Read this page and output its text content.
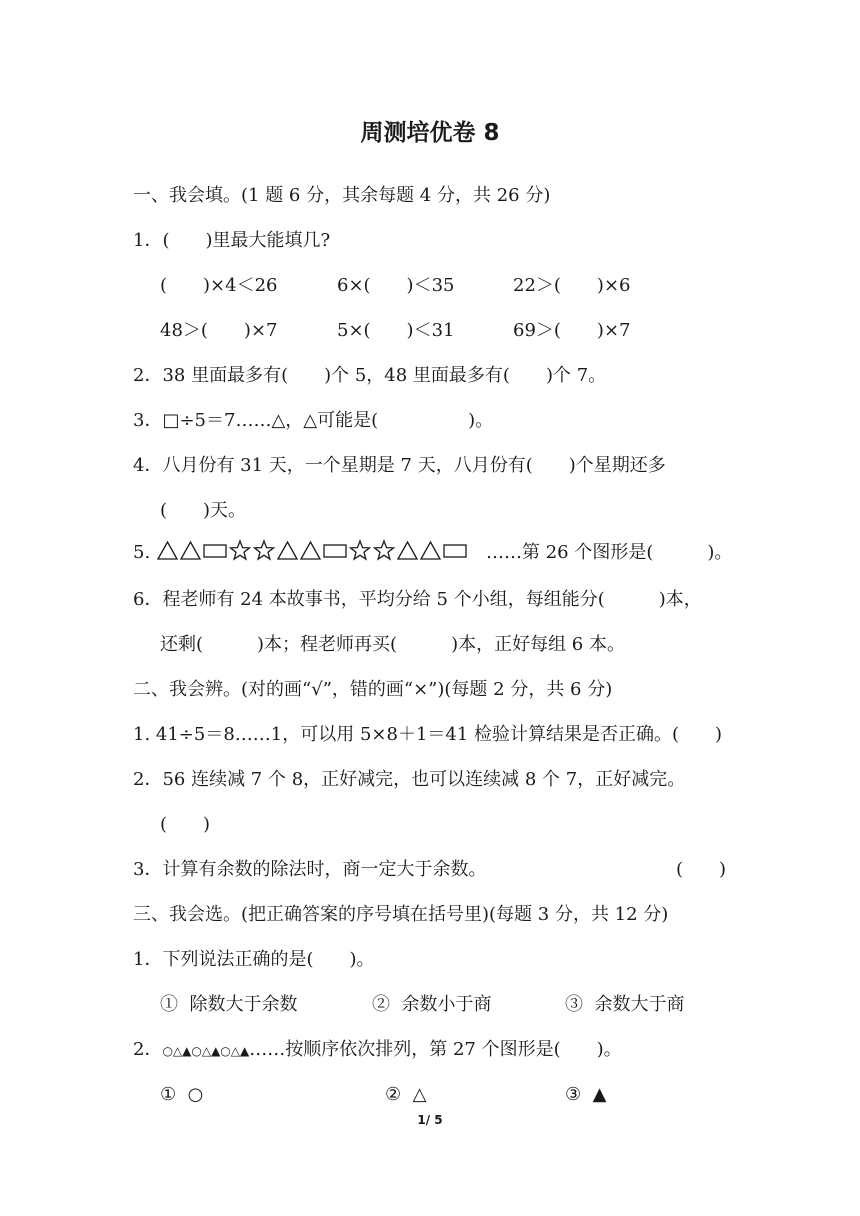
周测培优卷 8
一、我会填。(1 题 6 分，其余每题 4 分，共 26 分)
1．(　　)里最大能填几?
(　　)×4＜26	6×(　　)＜35	22＞(　　)×6
48＞(　　)×7	5×(　　)＜31	69＞(　　)×7
2．38 里面最多有(　　)个 5，48 里面最多有(　　)个 7。
3．□÷5＝7……△，△可能是(　　　　　)。
4．八月份有 31 天，一个星期是 7 天，八月份有(　　)个星期还多
(　　)天。
5.	……第 26 个图形是(　　　)。
6．程老师有 24 本故事书，平均分给 5 个小组，每组能分(　　　)本，
还剩(　　　)本；程老师再买(　　　)本，正好每组 6 本。
二、我会辨。(对的画“√”，错的画“×”)(每题 2 分，共 6 分)
1. 41÷5＝8……1，可以用 5×8＋1＝41 检验计算结果是否正确。(　　)
2．56 连续减 7 个 8，正好减完，也可以连续减 8 个 7，正好减完。
(　　)
3．计算有余数的除法时，商一定大于余数。	(　　)
三、我会选。(把正确答案的序号填在括号里)(每题 3 分，共 12 分)
1．下列说法正确的是(　　)。
①  除数大于余数	②  余数小于商	③  余数大于商
2．○△▲○△▲○△▲……按顺序依次排列，第 27 个图形是(　　)。
①  ○	②  △	③  ▲
1/ 5
